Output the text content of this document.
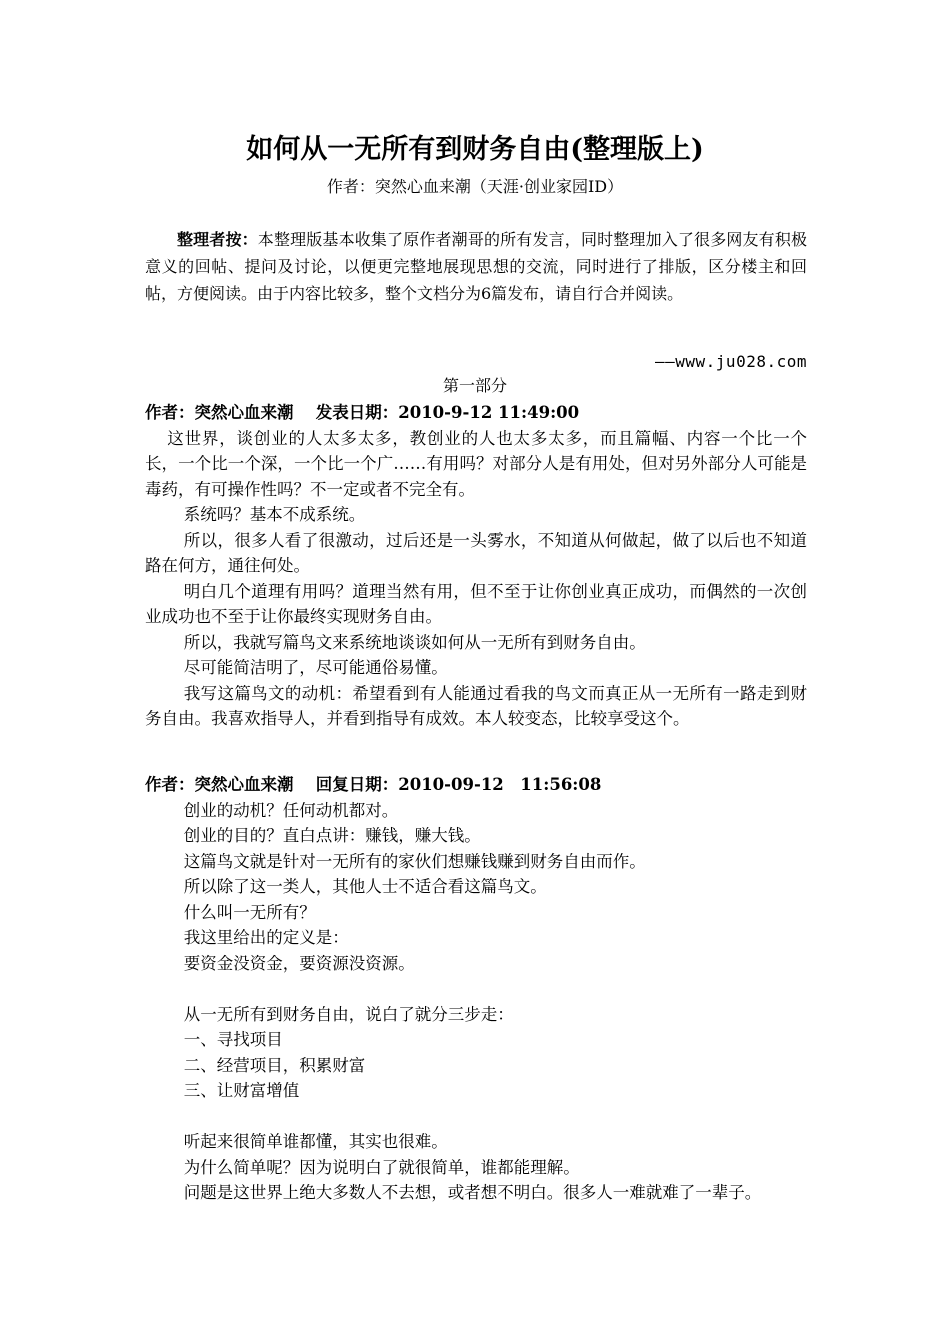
如何从一无所有到财务自由(整理版上)
作者：突然心血来潮（天涯·创业家园ID）

整理者按：本整理版基本收集了原作者潮哥的所有发言，同时整理加入了很多网友有积极意义的回帖、提问及讨论，以便更完整地展现思想的交流，同时进行了排版，区分楼主和回帖，方便阅读。由于内容比较多，整个文档分为6篇发布，请自行合并阅读。

——www.ju028.com
第一部分
作者：突然心血来潮　 发表日期：2010-9-12 11:49:00

这世界，谈创业的人太多太多，教创业的人也太多太多，而且篇幅、内容一个比一个长，一个比一个深，一个比一个广……有用吗？对部分人是有用处，但对另外部分人可能是毒药，有可操作性吗？不一定或者不完全有。

系统吗？基本不成系统。

所以，很多人看了很激动，过后还是一头雾水，不知道从何做起，做了以后也不知道路在何方，通往何处。

明白几个道理有用吗？道理当然有用，但不至于让你创业真正成功，而偶然的一次创业成功也不至于让你最终实现财务自由。

所以，我就写篇鸟文来系统地谈谈如何从一无所有到财务自由。

尽可能简洁明了，尽可能通俗易懂。

我写这篇鸟文的动机：希望看到有人能通过看我的鸟文而真正从一无所有一路走到财务自由。我喜欢指导人，并看到指导有成效。本人较变态，比较享受这个。

作者：突然心血来潮　 回复日期：2010-09-12　11:56:08

创业的动机？任何动机都对。

创业的目的？直白点讲：赚钱，赚大钱。

这篇鸟文就是针对一无所有的家伙们想赚钱赚到财务自由而作。

所以除了这一类人，其他人士不适合看这篇鸟文。

什么叫一无所有？

我这里给出的定义是：

要资金没资金，要资源没资源。

从一无所有到财务自由，说白了就分三步走：

一、寻找项目

二、经营项目，积累财富

三、让财富增值

听起来很简单谁都懂，其实也很难。

为什么简单呢？因为说明白了就很简单，谁都能理解。

问题是这世界上绝大多数人不去想，或者想不明白。很多人一难就难了一辈子。
